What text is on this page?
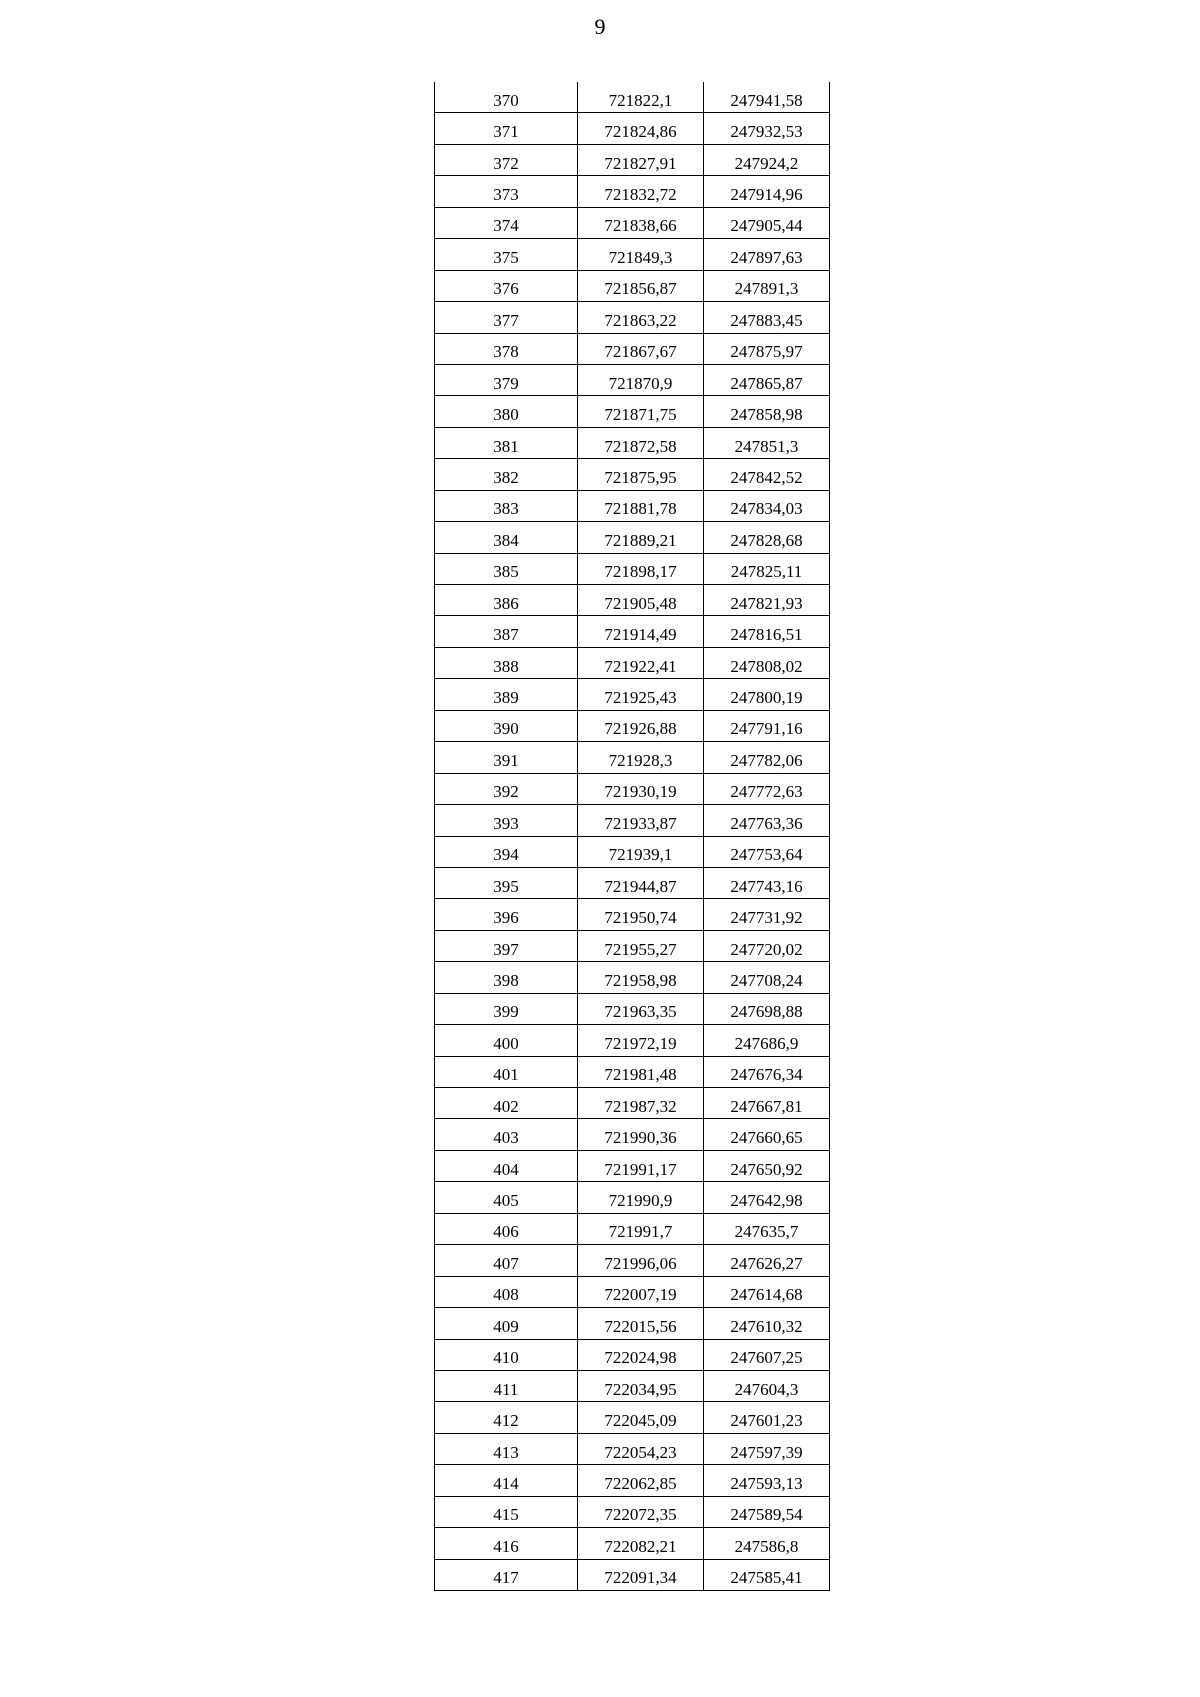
9
370	721822,1	247941,58
371	721824,86	247932,53
372	721827,91	247924,2
373	721832,72	247914,96
374	721838,66	247905,44
375	721849,3	247897,63
376	721856,87	247891,3
377	721863,22	247883,45
378	721867,67	247875,97
379	721870,9	247865,87
380	721871,75	247858,98
381	721872,58	247851,3
382	721875,95	247842,52
383	721881,78	247834,03
384	721889,21	247828,68
385	721898,17	247825,11
386	721905,48	247821,93
387	721914,49	247816,51
388	721922,41	247808,02
389	721925,43	247800,19
390	721926,88	247791,16
391	721928,3	247782,06
392	721930,19	247772,63
393	721933,87	247763,36
394	721939,1	247753,64
395	721944,87	247743,16
396	721950,74	247731,92
397	721955,27	247720,02
398	721958,98	247708,24
399	721963,35	247698,88
400	721972,19	247686,9
401	721981,48	247676,34
402	721987,32	247667,81
403	721990,36	247660,65
404	721991,17	247650,92
405	721990,9	247642,98
406	721991,7	247635,7
407	721996,06	247626,27
408	722007,19	247614,68
409	722015,56	247610,32
410	722024,98	247607,25
411	722034,95	247604,3
412	722045,09	247601,23
413	722054,23	247597,39
414	722062,85	247593,13
415	722072,35	247589,54
416	722082,21	247586,8
417	722091,34	247585,41
